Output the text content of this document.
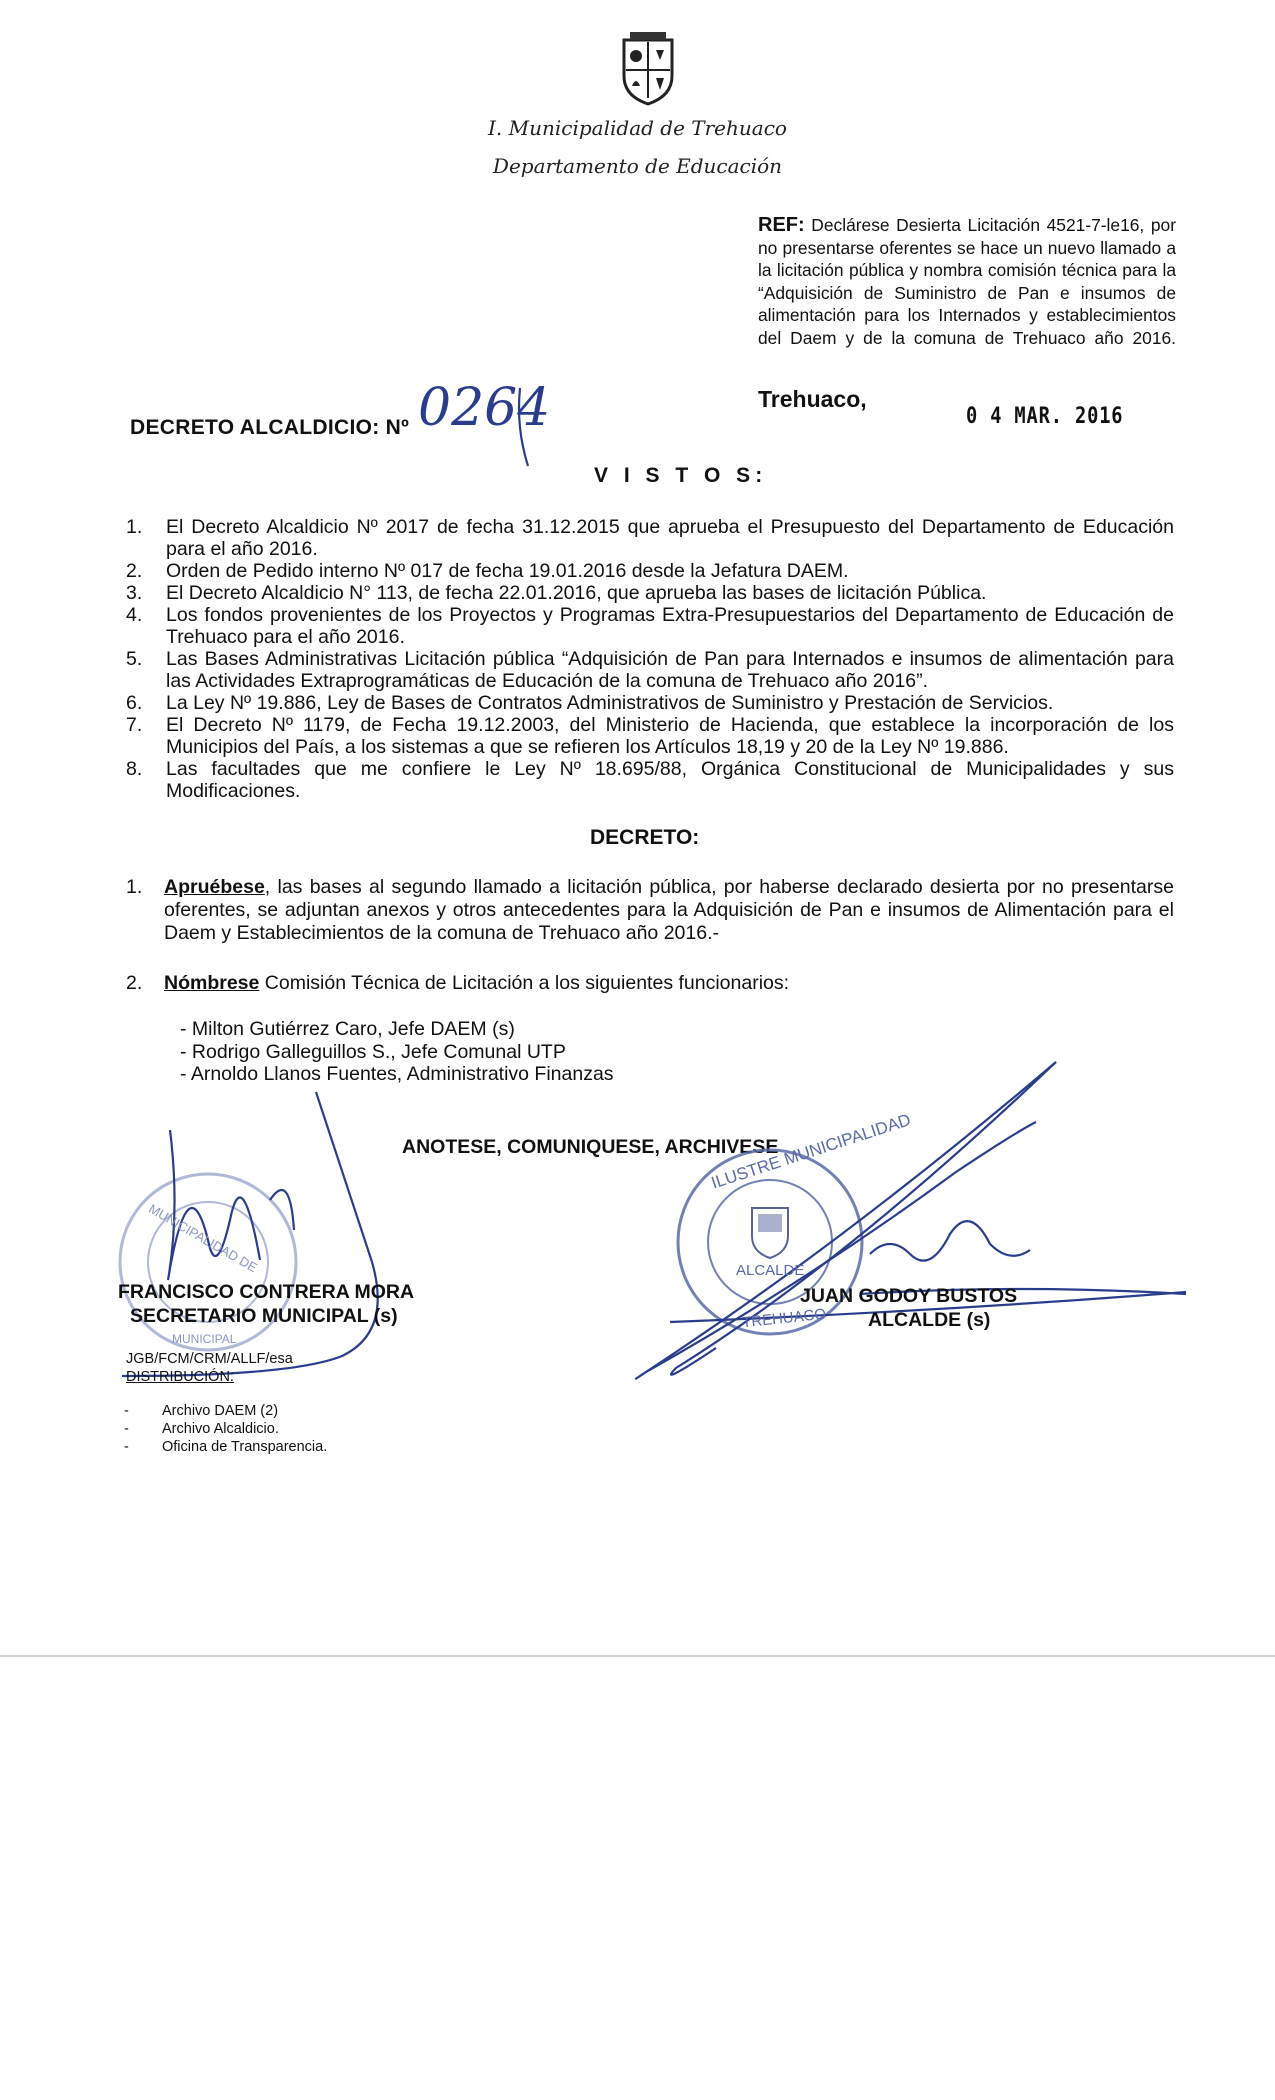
I. Municipalidad de Trehuaco
Departamento de Educación
REF: Declárese Desierta Licitación 4521-7-le16, por no presentarse oferentes se hace un nuevo llamado a la licitación pública y nombra comisión técnica para la “Adquisición de Suministro de Pan e insumos de alimentación para los Internados y establecimientos del Daem y de la comuna de Trehuaco año 2016.
DECRETO ALCALDICIO: Nº 0264	Trehuaco,
0 4 MAR. 2016
V I S T O S:
1.	El Decreto Alcaldicio Nº 2017 de fecha 31.12.2015 que aprueba el Presupuesto del Departamento de Educación para el año 2016.
2.	Orden de Pedido interno Nº 017 de fecha 19.01.2016 desde la Jefatura DAEM.
3.	El Decreto Alcaldicio N° 113, de fecha 22.01.2016, que aprueba las bases de licitación Pública.
4.	Los fondos provenientes de los Proyectos y Programas Extra-Presupuestarios del Departamento de Educación de Trehuaco para el año 2016.
5.	Las Bases Administrativas Licitación pública “Adquisición de Pan para Internados e insumos de alimentación para las Actividades Extraprogramáticas de Educación de la comuna de Trehuaco año 2016”.
6.	La Ley Nº 19.886, Ley de Bases de Contratos Administrativos de Suministro y Prestación de Servicios.
7.	El Decreto Nº 1179, de Fecha 19.12.2003, del Ministerio de Hacienda, que establece la incorporación de los Municipios del País, a los sistemas a que se refieren los Artículos 18,19 y 20 de la Ley Nº 19.886.
8.	Las facultades que me confiere le Ley Nº 18.695/88, Orgánica Constitucional de Municipalidades y sus Modificaciones.
DECRETO:
1. Apruébese, las bases al segundo llamado a licitación pública, por haberse declarado desierta por no presentarse oferentes, se adjuntan anexos y otros antecedentes para la Adquisición de Pan e insumos de Alimentación para el Daem y Establecimientos de la comuna de Trehuaco año 2016.-
2. Nómbrese Comisión Técnica de Licitación a los siguientes funcionarios:
- Milton Gutiérrez Caro, Jefe DAEM (s)
- Rodrigo Galleguillos S., Jefe Comunal UTP
- Arnoldo Llanos Fuentes, Administrativo Finanzas
ANOTESE, COMUNIQUESE, ARCHIVESE
ILUSTRE MUNICIPALIDAD
ALCALDE
TREHUACO
MUNICIPALIDAD DE
MUNICIPAL
FRANCISCO CONTRERA MORA
SECRETARIO MUNICIPAL (s)
JUAN GODOY BUSTOS
ALCALDE (s)
JGB/FCM/CRM/ALLF/esa
DISTRIBUCIÓN:
- Archivo DAEM (2)
- Archivo Alcaldicio.
- Oficina de Transparencia.
